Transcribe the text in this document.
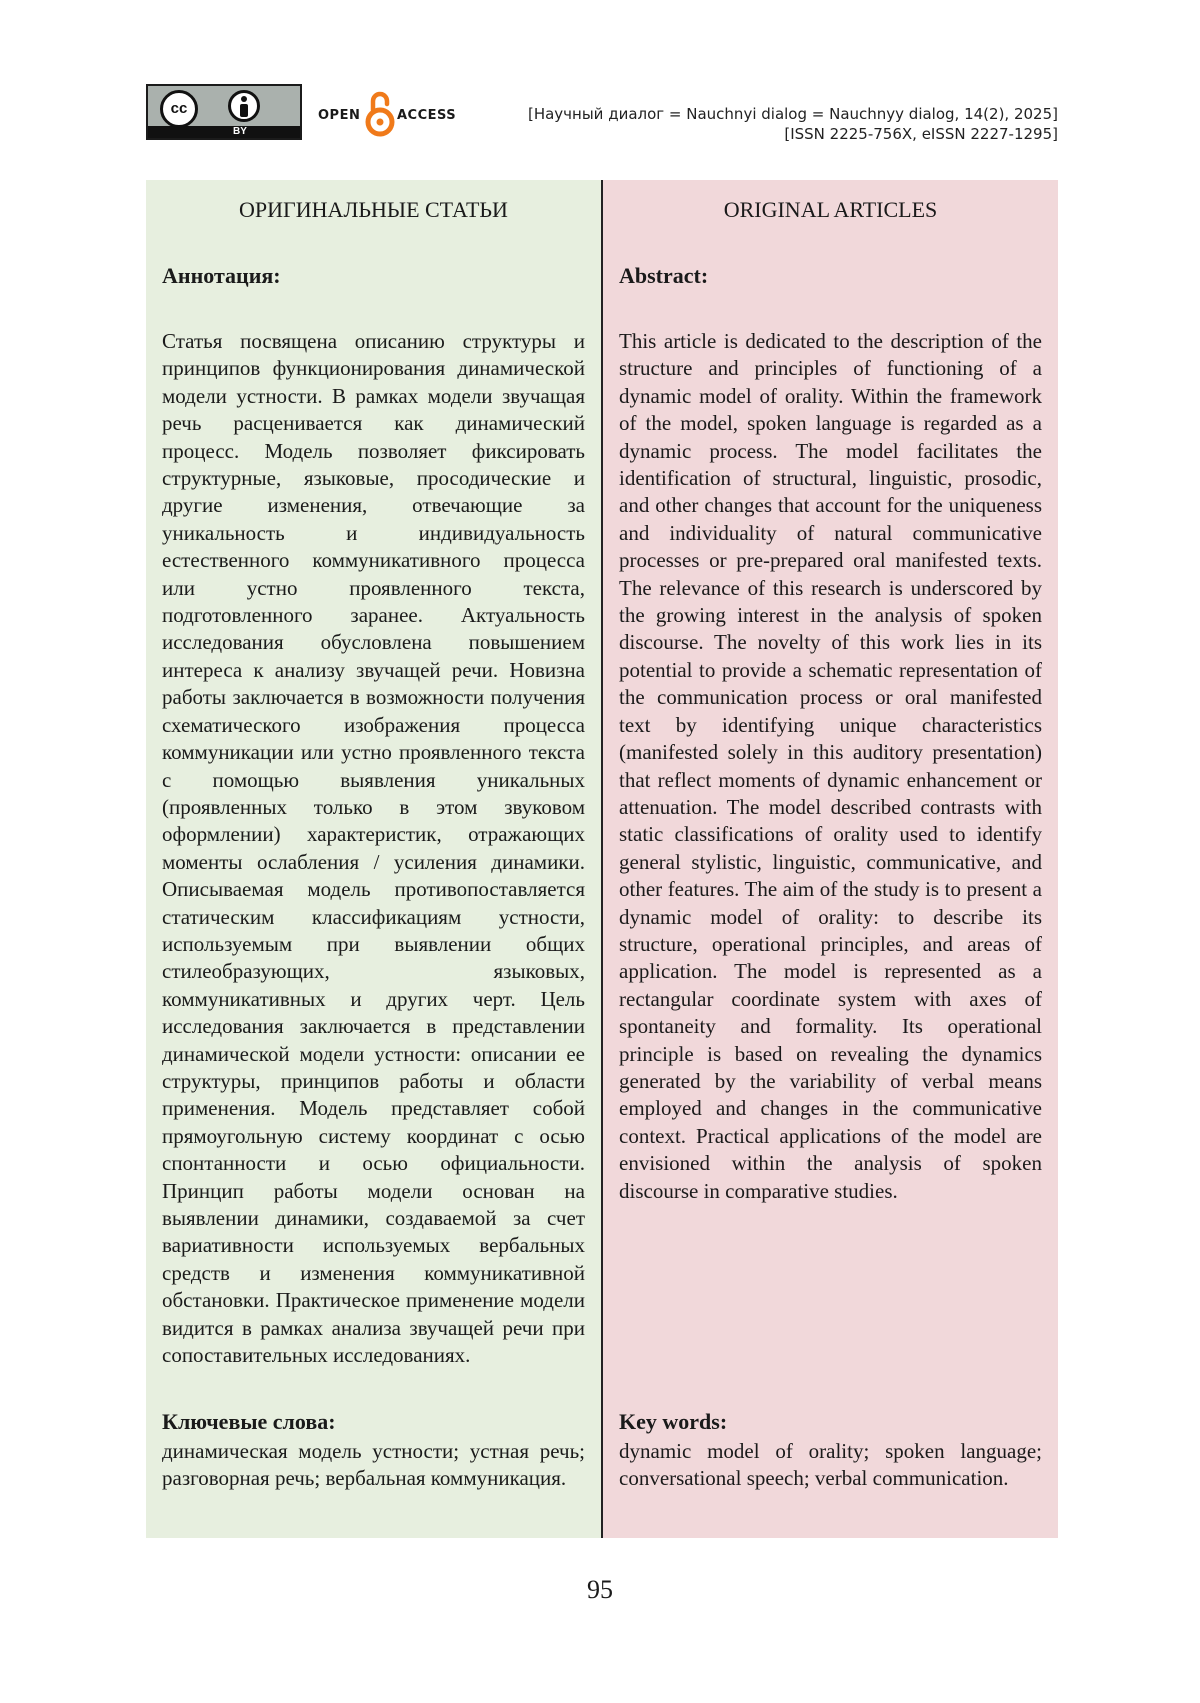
cc
BY
OPEN	ACCESS	[Научный диалог = Nauchnyi dialog = Nauchnyy dialog, 14(2), 2025]
[ISSN 2225-756X, eISSN 2227-1295]
ОРИГИНАЛЬНЫЕ СТАТЬИ
Аннотация:
Статья посвящена описанию структуры и принципов функционирования динамической модели устности. В рамках модели звучащая речь расценивается как динамический процесс. Модель позволяет фиксировать структурные, языковые, просодические и другие изменения, отвечающие за уникальность и индивидуальность естественного коммуникативного процесса или устно проявленного текста, подготовленного заранее. Актуальность исследования обусловлена повышением интереса к анализу звучащей речи. Новизна работы заключается в возможности получения схематического изображения процесса коммуникации или устно проявленного текста с помощью выявления уникальных (проявленных только в этом звуковом оформлении) характеристик, отражающих моменты ослабления / усиления динамики. Описываемая модель противопоставляется статическим классификациям устности, используемым при выявлении общих стилеобразующих, языковых, коммуникативных и других черт. Цель исследования заключается в представлении динамической модели устности: описании ее структуры, принципов работы и области применения. Модель представляет собой прямоугольную систему координат с осью спонтанности и осью официальности. Принцип работы модели основан на выявлении динамики, создаваемой за счет вариативности используемых вербальных средств и изменения коммуникативной обстановки. Практическое применение модели видится в рамках анализа звучащей речи при сопоставительных исследованиях.
Ключевые слова:
динамическая модель устности; устная речь; разговорная речь; вербальная коммуникация.
ORIGINAL ARTICLES
Abstract:
This article is dedicated to the description of the structure and principles of functioning of a dynamic model of orality. Within the framework of the model, spoken language is regarded as a dynamic process. The model facilitates the identification of structural, linguistic, prosodic, and other changes that account for the uniqueness and individuality of natural communicative processes or pre-prepared oral manifested texts. The relevance of this research is underscored by the growing interest in the analysis of spoken discourse. The novelty of this work lies in its potential to provide a schematic representation of the communication process or oral manifested text by identifying unique characteristics (manifested solely in this auditory presentation) that reflect moments of dynamic enhancement or attenuation. The model described contrasts with static classifications of orality used to identify general stylistic, linguistic, communicative, and other features. The aim of the study is to present a dynamic model of orality: to describe its structure, operational principles, and areas of application. The model is represented as a rectangular coordinate system with axes of spontaneity and formality. Its operational principle is based on revealing the dynamics generated by the variability of verbal means employed and changes in the communicative context. Practical applications of the model are envisioned within the analysis of spoken discourse in comparative studies.
Key words:
dynamic model of orality; spoken language; conversational speech; verbal communication.
95
